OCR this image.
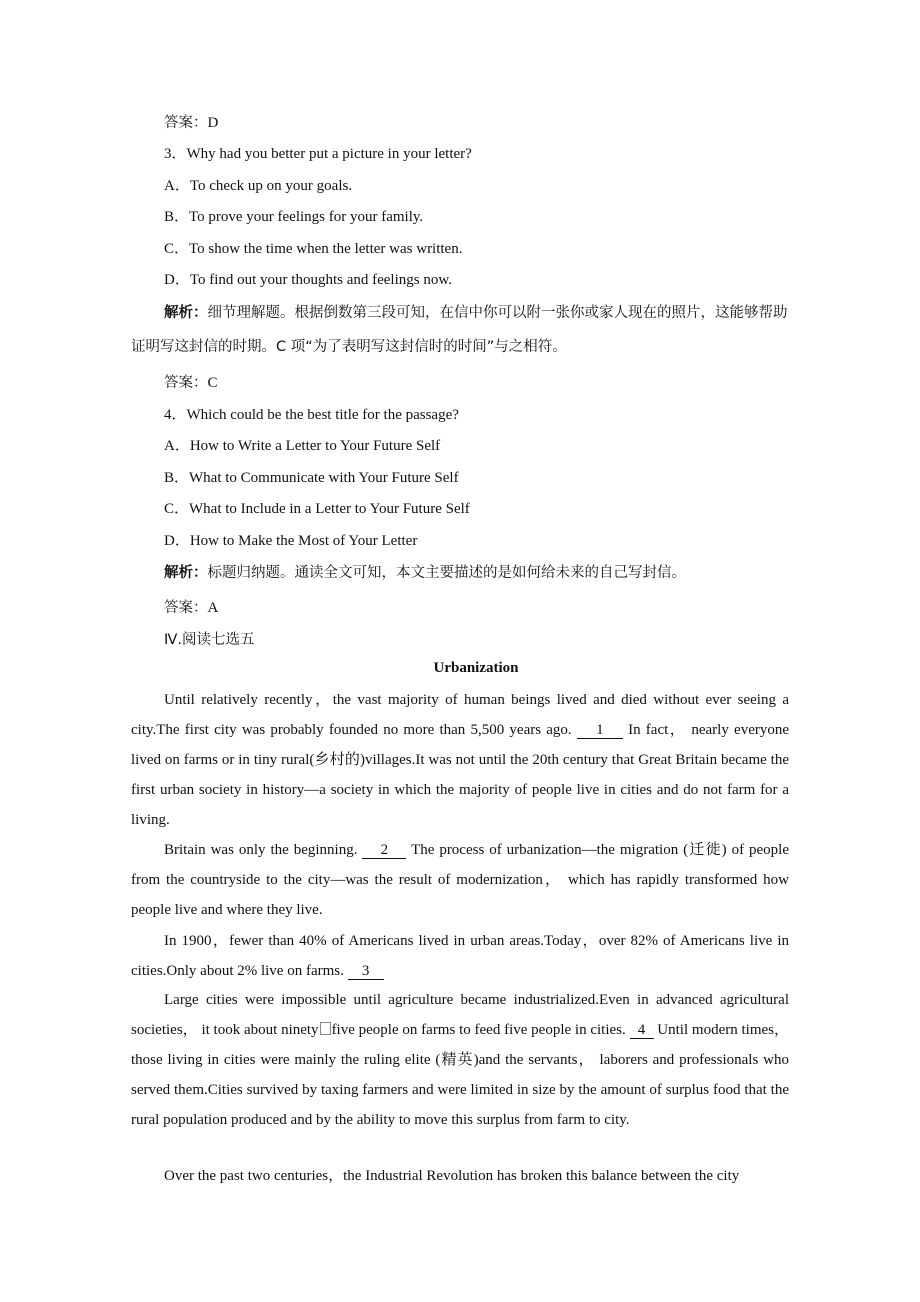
答案：D
3．Why had you better put a picture in your letter?
A．To check up on your goals.
B．To prove your feelings for your family.
C．To show the time when the letter was written.
D．To find out your thoughts and feelings now.
解析：细节理解题。根据倒数第三段可知，在信中你可以附一张你或家人现在的照片，这能够帮助证明写这封信的时期。C 项“为了表明写这封信时的时间”与之相符。
答案：C
4．Which could be the best title for the passage?
A．How to Write a Letter to Your Future Self
B．What to Communicate with Your Future Self
C．What to Include in a Letter to Your Future Self
D．How to Make the Most of Your Letter
解析：标题归纳题。通读全文可知，本文主要描述的是如何给未来的自己写封信。
答案：A
Ⅳ.阅读七选五
Urbanization
Until relatively recently，the vast majority of human beings lived and died without ever seeing a city.The first city was probably founded no more than 5,500 years ago. 1 In fact， nearly everyone lived on farms or in tiny rural(乡村的)villages.It was not until the 20th century that Great Britain became the first urban society in history—a society in which the majority of people live in cities and do not farm for a living.
Britain was only the beginning. 2 The process of urbanization—the migration (迁徙) of people from the countryside to the city—was the result of modernization， which has rapidly transformed how people live and where they live.
In 1900，fewer than 40% of Americans lived in urban areas.Today，over 82% of Americans live in cities.Only about 2% live on farms. 3
Large cities were impossible until agriculture became industrialized.Even in advanced agricultural societies， it took about ninety five people on farms to feed five people in cities. 4 Until modern times， those living in cities were mainly the ruling elite (精英)and the servants， laborers and professionals who served them.Cities survived by taxing farmers and were limited in size by the amount of surplus food that the rural population produced and by the ability to move this surplus from farm to city.
Over the past two centuries，the Industrial Revolution has broken this balance between the city
